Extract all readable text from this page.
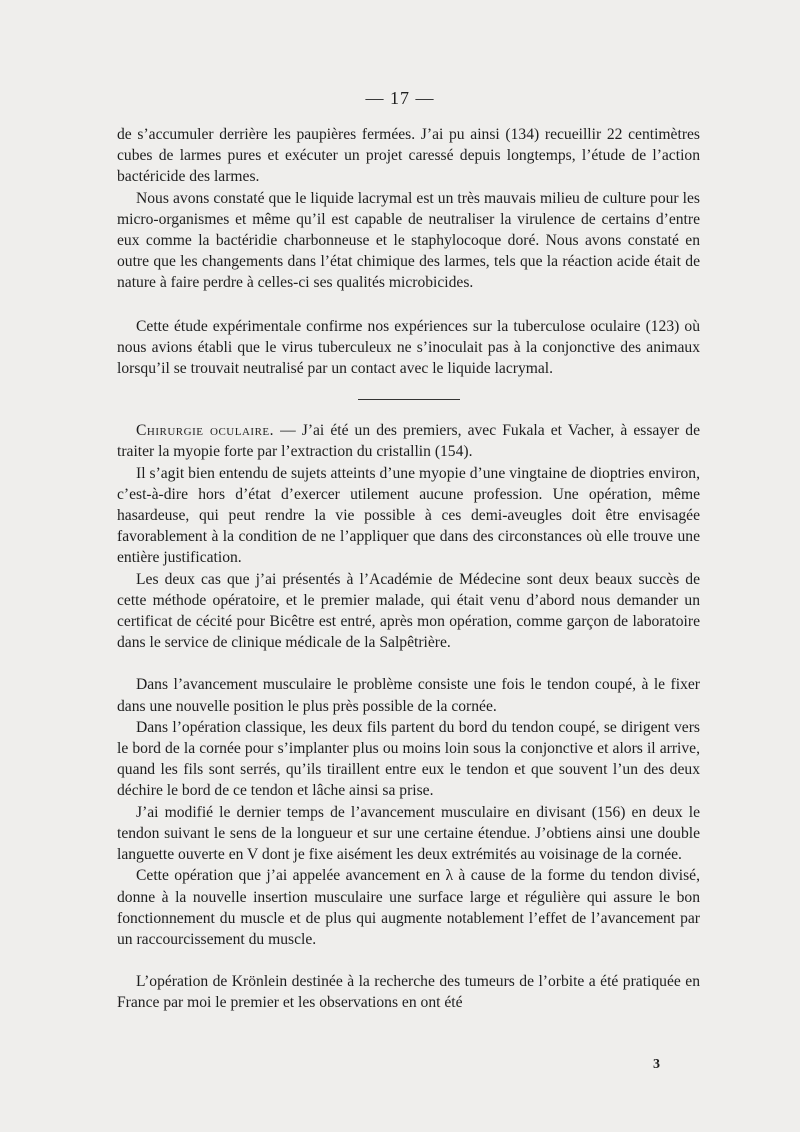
— 17 —

de s’accumuler derrière les paupières fermées. J’ai pu ainsi (134) recueillir 22 centimètres cubes de larmes pures et exécuter un projet caressé depuis longtemps, l’étude de l’action bactéricide des larmes.

Nous avons constaté que le liquide lacrymal est un très mauvais milieu de culture pour les micro-organismes et même qu’il est capable de neutraliser la virulence de certains d’entre eux comme la bactéridie charbonneuse et le staphylocoque doré. Nous avons constaté en outre que les changements dans l’état chimique des larmes, tels que la réaction acide était de nature à faire perdre à celles-ci ses qualités microbicides.

Cette étude expérimentale confirme nos expériences sur la tuberculose oculaire (123) où nous avions établi que le virus tuberculeux ne s’inoculait pas à la conjonctive des animaux lorsqu’il se trouvait neutralisé par un contact avec le liquide lacrymal.

Chirurgie oculaire. — J’ai été un des premiers, avec Fukala et Vacher, à essayer de traiter la myopie forte par l’extraction du cristallin (154).

Il s’agit bien entendu de sujets atteints d’une myopie d’une vingtaine de dioptries environ, c’est-à-dire hors d’état d’exercer utilement aucune profession. Une opération, même hasardeuse, qui peut rendre la vie possible à ces demi-aveugles doit être envisagée favorablement à la condition de ne l’appliquer que dans des circonstances où elle trouve une entière justification.

Les deux cas que j’ai présentés à l’Académie de Médecine sont deux beaux succès de cette méthode opératoire, et le premier malade, qui était venu d’abord nous demander un certificat de cécité pour Bicêtre est entré, après mon opération, comme garçon de laboratoire dans le service de clinique médicale de la Salpêtrière.

Dans l’avancement musculaire le problème consiste une fois le tendon coupé, à le fixer dans une nouvelle position le plus près possible de la cornée.

Dans l’opération classique, les deux fils partent du bord du tendon coupé, se dirigent vers le bord de la cornée pour s’implanter plus ou moins loin sous la conjonctive et alors il arrive, quand les fils sont serrés, qu’ils tiraillent entre eux le tendon et que souvent l’un des deux déchire le bord de ce tendon et lâche ainsi sa prise.

J’ai modifié le dernier temps de l’avancement musculaire en divisant (156) en deux le tendon suivant le sens de la longueur et sur une certaine étendue. J’obtiens ainsi une double languette ouverte en V dont je fixe aisément les deux extrémités au voisinage de la cornée.

Cette opération que j’ai appelée avancement en λ à cause de la forme du tendon divisé, donne à la nouvelle insertion musculaire une surface large et régulière qui assure le bon fonctionnement du muscle et de plus qui augmente notablement l’effet de l’avancement par un raccourcissement du muscle.

L’opération de Krönlein destinée à la recherche des tumeurs de l’orbite a été pratiquée en France par moi le premier et les observations en ont été

3
